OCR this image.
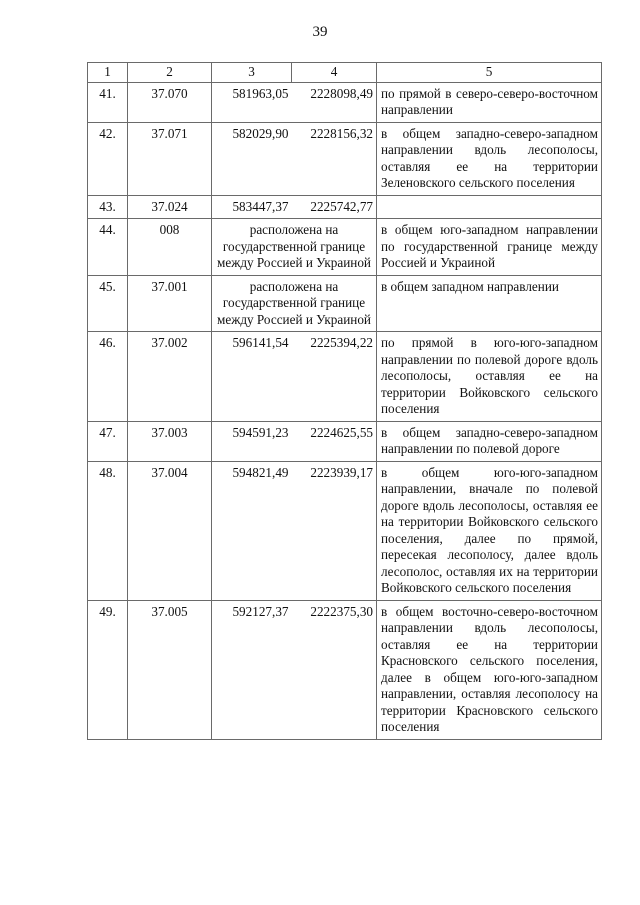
39
1	2	3	4	5
41.	37.070	581963,05	2228098,49	по прямой в северо-северо-восточном направлении
42.	37.071	582029,90	2228156,32	в общем западно-северо-западном направлении вдоль лесополосы, оставляя ее на территории Зеленовского сельского поселения
43.	37.024	583447,37	2225742,77	
44.	008	расположена на государственной границе между Россией и Украиной		в общем юго-западном направлении по государственной границе между Россией и Украиной
45.	37.001	расположена на государственной границе между Россией и Украиной		в общем западном направлении
46.	37.002	596141,54	2225394,22	по прямой в юго-юго-западном направлении по полевой дороге вдоль лесополосы, оставляя ее на территории Войковского сельского поселения
47.	37.003	594591,23	2224625,55	в общем западно-северо-западном направлении по полевой дороге
48.	37.004	594821,49	2223939,17	в общем юго-юго-западном направлении, вначале по полевой дороге вдоль лесополосы, оставляя ее на территории Войковского сельского поселения, далее по прямой, пересекая лесополосу, далее вдоль лесополос, оставляя их на территории Войковского сельского поселения
49.	37.005	592127,37	2222375,30	в общем восточно-северо-восточном направлении вдоль лесополосы, оставляя ее на территории Красновского сельского поселения, далее в общем юго-юго-западном направлении, оставляя лесополосу на территории Красновского сельского поселения
